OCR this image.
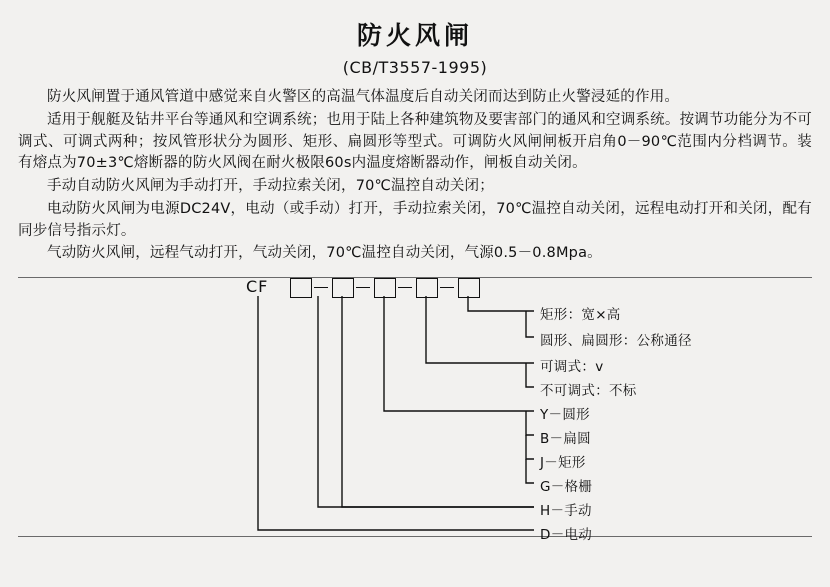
防火风闸
(CB/T3557-1995)

防火风闸置于通风管道中感觉来自火警区的高温气体温度后自动关闭而达到防止火警浸延的作用。

适用于舰艇及钻井平台等通风和空调系统；也用于陆上各种建筑物及要害部门的通风和空调系统。按调节功能分为不可调式、可调式两种；按风管形状分为圆形、矩形、扁圆形等型式。可调防火风闸闸板开启角0－90℃范围内分档调节。装有熔点为70±3℃熔断器的防火风阀在耐火极限60s内温度熔断器动作，闸板自动关闭。

手动自动防火风闸为手动打开，手动拉索关闭，70℃温控自动关闭；

电动防火风闸为电源DC24V，电动（或手动）打开，手动拉索关闭，70℃温控自动关闭，远程电动打开和关闭，配有同步信号指示灯。

气动防火风闸，远程气动打开，气动关闭，70℃温控自动关闭，气源0.5－0.8Mpa。

CF
矩形：宽×高
圆形、扁圆形：公称通径
可调式：v
不可调式：不标
Y－圆形
B－扁圆
J－矩形
G－格栅
H－手动
D－电动
